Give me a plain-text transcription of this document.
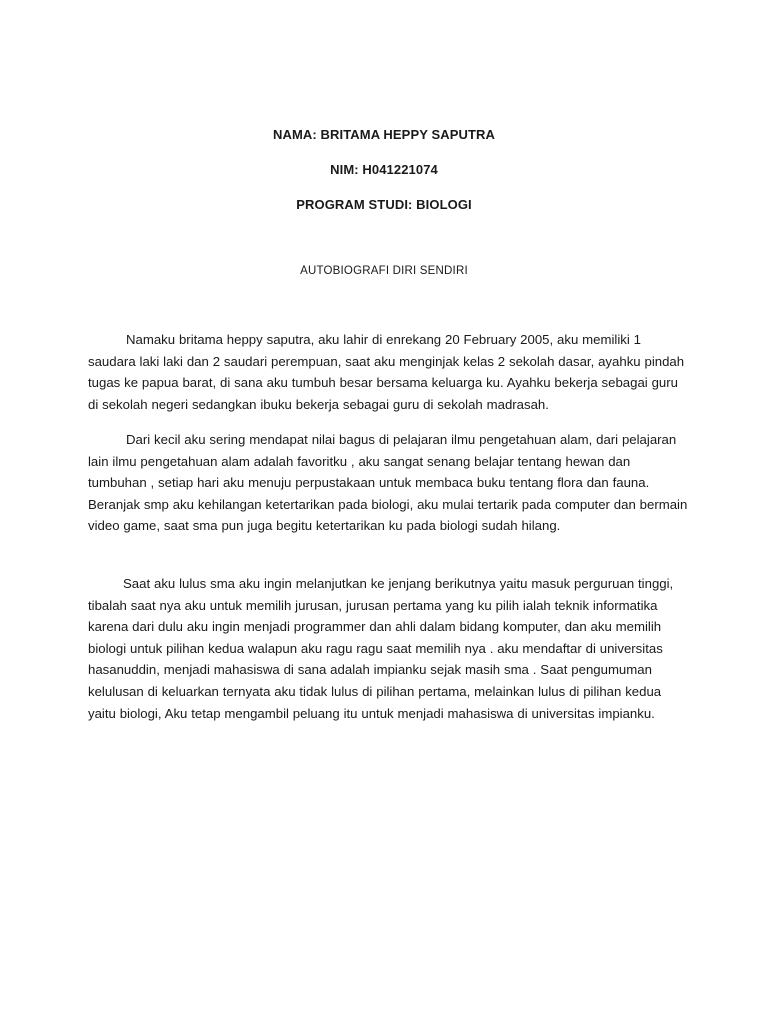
NAMA: BRITAMA HEPPY SAPUTRA
NIM: H041221074
PROGRAM STUDI: BIOLOGI
AUTOBIOGRAFI DIRI SENDIRI

Namaku britama heppy saputra, aku lahir di enrekang 20 February 2005, aku memiliki 1 saudara laki laki dan 2 saudari perempuan, saat aku menginjak kelas 2 sekolah dasar, ayahku pindah tugas ke papua barat, di sana aku tumbuh besar bersama keluarga ku. Ayahku bekerja sebagai guru di sekolah negeri sedangkan ibuku bekerja sebagai guru di sekolah madrasah.

Dari kecil aku sering mendapat nilai bagus di pelajaran ilmu pengetahuan alam, dari pelajaran lain ilmu pengetahuan alam adalah favoritku , aku sangat senang belajar tentang hewan dan tumbuhan , setiap hari aku menuju perpustakaan untuk membaca buku tentang flora dan fauna. Beranjak smp aku kehilangan ketertarikan pada biologi, aku mulai tertarik pada computer dan bermain video game, saat sma pun juga begitu ketertarikan ku pada biologi sudah hilang.

Saat aku lulus sma aku ingin melanjutkan ke jenjang berikutnya yaitu masuk perguruan tinggi, tibalah saat nya aku untuk memilih jurusan, jurusan pertama yang ku pilih ialah teknik informatika karena dari dulu aku ingin menjadi programmer dan ahli dalam bidang komputer, dan aku memilih biologi untuk pilihan kedua walapun aku ragu ragu saat memilih nya . aku mendaftar di universitas hasanuddin, menjadi mahasiswa di sana adalah impianku sejak masih sma . Saat pengumuman kelulusan di keluarkan ternyata aku tidak lulus di pilihan pertama, melainkan lulus di pilihan kedua yaitu biologi, Aku tetap mengambil peluang itu untuk menjadi mahasiswa di universitas impianku.
